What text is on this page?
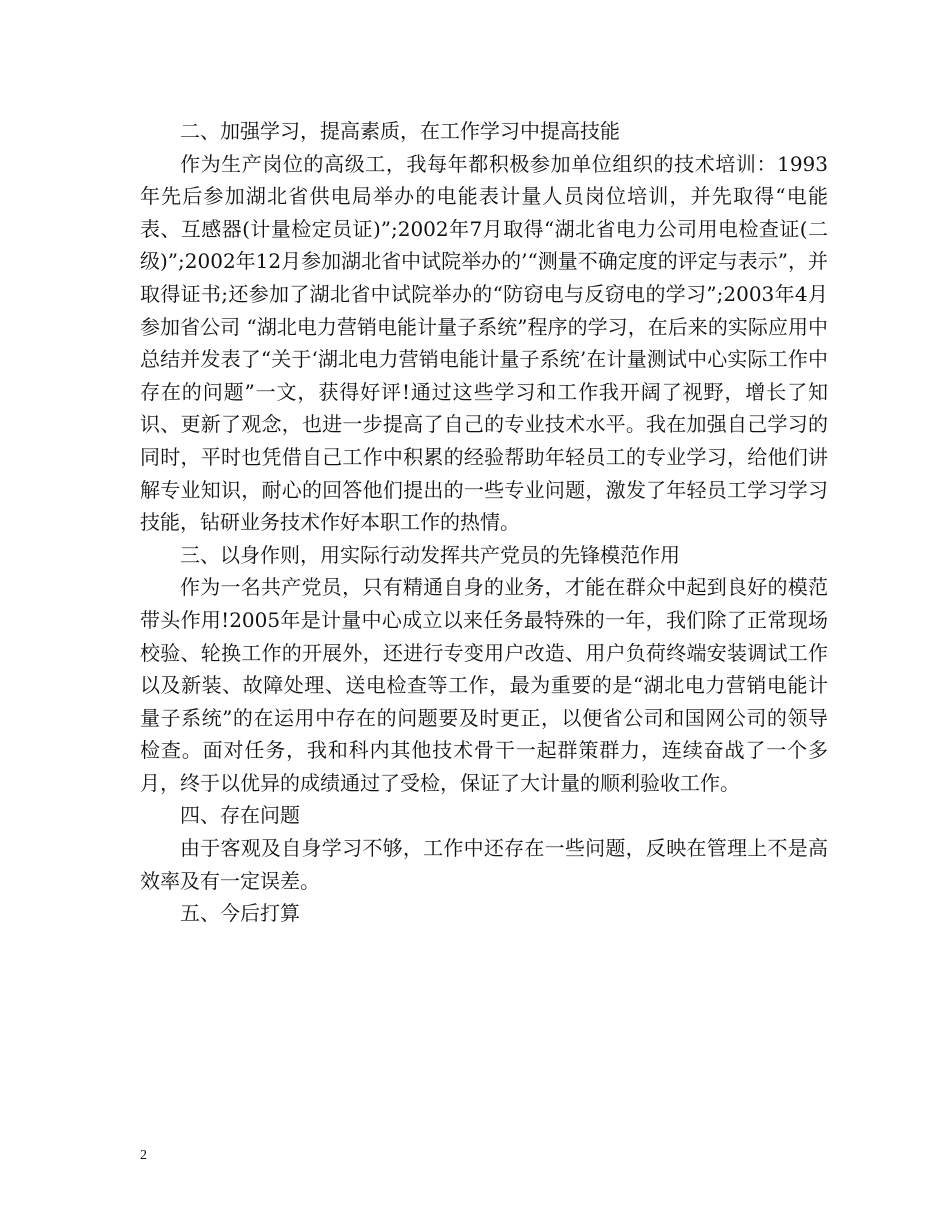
二、加强学习，提高素质，在工作学习中提高技能

作为生产岗位的高级工，我每年都积极参加单位组织的技术培训：1993年先后参加湖北省供电局举办的电能表计量人员岗位培训，并先取得“电能表、互感器(计量检定员证)”;2002年7月取得“湖北省电力公司用电检查证(二级)”;2002年12月参加湖北省中试院举办的’“测量不确定度的评定与表示”，并取得证书;还参加了湖北省中试院举办的“防窃电与反窃电的学习”;2003年4月参加省公司 “湖北电力营销电能计量子系统”程序的学习，在后来的实际应用中总结并发表了“关于‘湖北电力营销电能计量子系统’在计量测试中心实际工作中存在的问题”一文，获得好评!通过这些学习和工作我开阔了视野，增长了知识、更新了观念，也进一步提高了自己的专业技术水平。我在加强自己学习的同时，平时也凭借自己工作中积累的经验帮助年轻员工的专业学习，给他们讲解专业知识，耐心的回答他们提出的一些专业问题，激发了年轻员工学习学习技能，钻研业务技术作好本职工作的热情。

三、以身作则，用实际行动发挥共产党员的先锋模范作用

作为一名共产党员，只有精通自身的业务，才能在群众中起到良好的模范带头作用!2005年是计量中心成立以来任务最特殊的一年，我们除了正常现场校验、轮换工作的开展外，还进行专变用户改造、用户负荷终端安装调试工作以及新装、故障处理、送电检查等工作，最为重要的是“湖北电力营销电能计量子系统”的在运用中存在的问题要及时更正，以便省公司和国网公司的领导检查。面对任务，我和科内其他技术骨干一起群策群力，连续奋战了一个多月，终于以优异的成绩通过了受检，保证了大计量的顺利验收工作。

四、存在问题

由于客观及自身学习不够，工作中还存在一些问题，反映在管理上不是高效率及有一定误差。

五、今后打算

2
